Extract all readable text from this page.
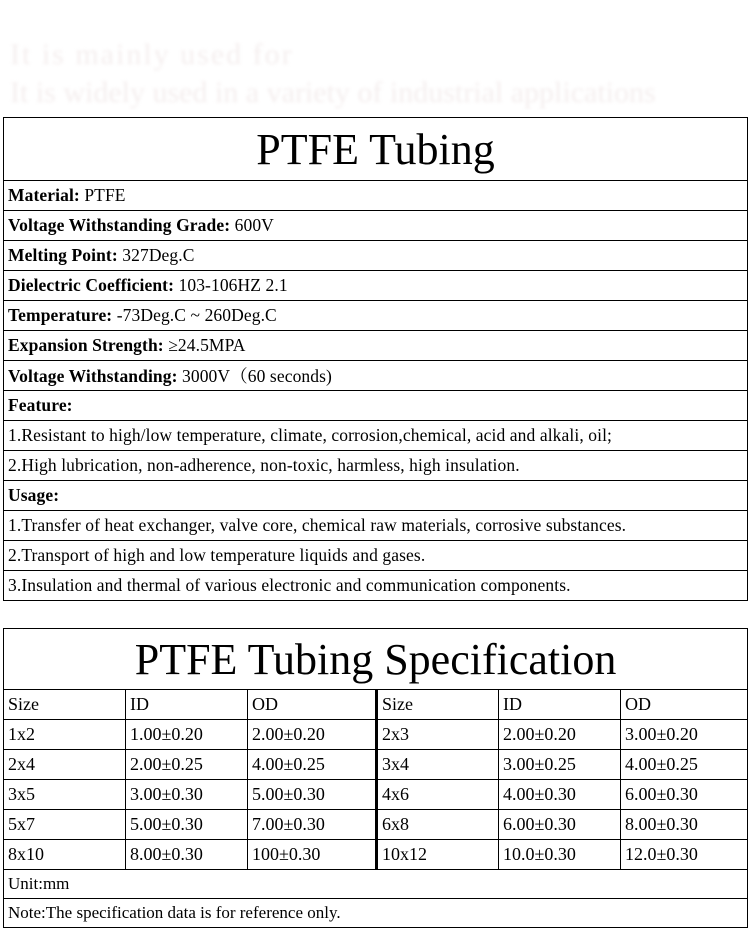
It is mainly used for
It is widely used in a variety of industrial applications
PTFE Tubing
Material: PTFE
Voltage Withstanding Grade: 600V
Melting Point: 327Deg.C
Dielectric Coefficient: 103-106HZ 2.1
Temperature: -73Deg.C ~ 260Deg.C
Expansion Strength: ≥24.5MPA
Voltage Withstanding: 3000V（60 seconds)
Feature:
1.Resistant to high/low temperature, climate, corrosion,chemical, acid and alkali, oil;
2.High lubrication, non-adherence, non-toxic, harmless, high insulation.
Usage:
1.Transfer of heat exchanger, valve core, chemical raw materials, corrosive substances.
2.Transport of high and low temperature liquids and gases.
3.Insulation and thermal of various electronic and communication components.
PTFE Tubing Specification					
Size	ID	OD	Size	ID	OD
1x2	1.00±0.20	2.00±0.20	2x3	2.00±0.20	3.00±0.20
2x4	2.00±0.25	4.00±0.25	3x4	3.00±0.25	4.00±0.25
3x5	3.00±0.30	5.00±0.30	4x6	4.00±0.30	6.00±0.30
5x7	5.00±0.30	7.00±0.30	6x8	6.00±0.30	8.00±0.30
8x10	8.00±0.30	100±0.30	10x12	10.0±0.30	12.0±0.30
Unit:mm					
Note:The specification data is for reference only.					
